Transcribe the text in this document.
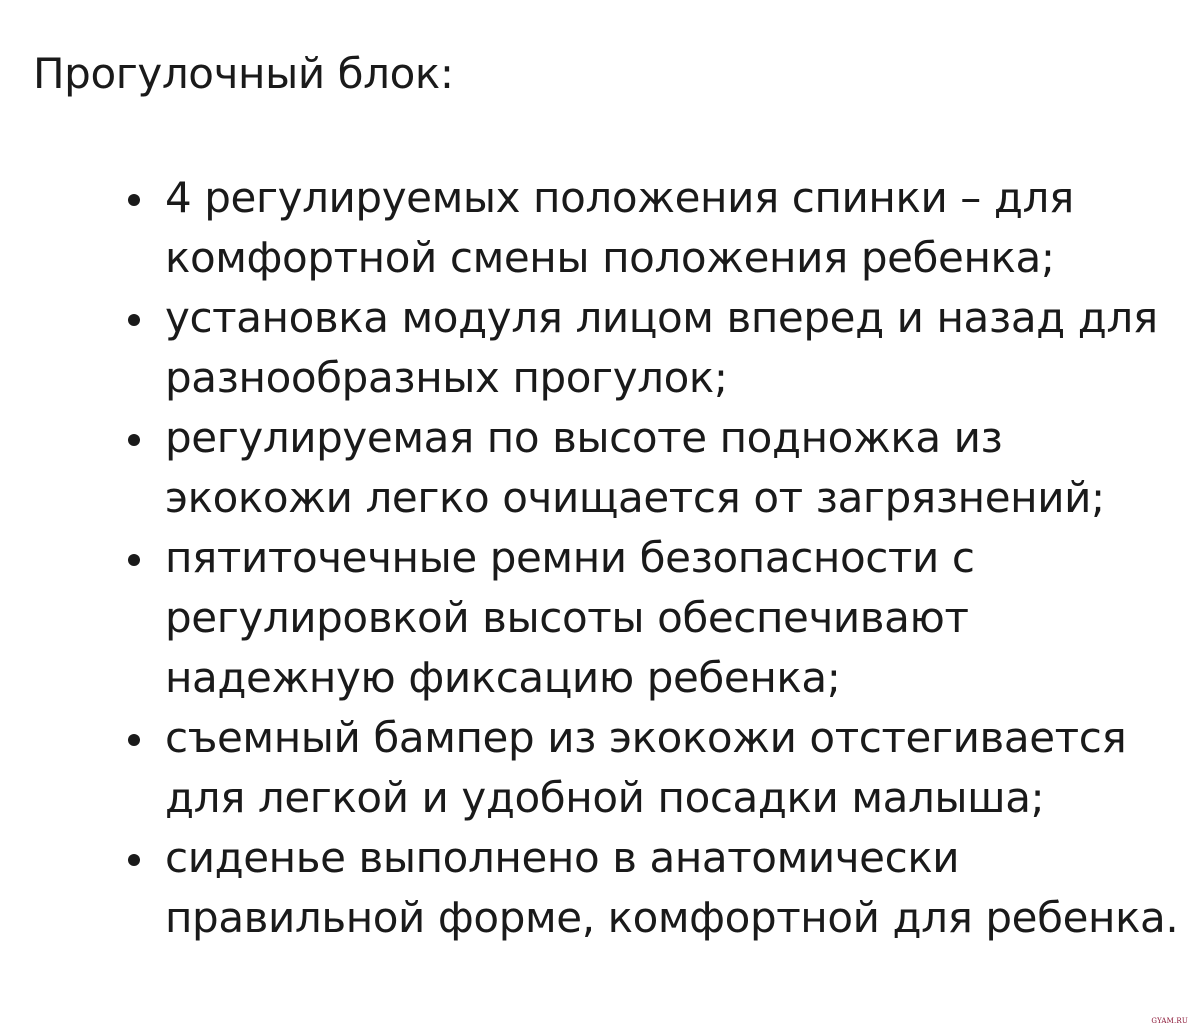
Прогулочный блок:
4 регулируемых положения спинки – для комфортной смены положения ребенка;
установка модуля лицом вперед и назад для разнообразных прогулок;
регулируемая по высоте подножка из экокожи легко очищается от загрязнений;
пятиточечные ремни безопасности с регулировкой высоты обеспечивают надежную фиксацию ребенка;
съемный бампер из экокожи отстегивается для легкой и удобной посадки малыша;
сиденье выполнено в анатомически правильной форме, комфортной для ребенка.
GYAM.RU
